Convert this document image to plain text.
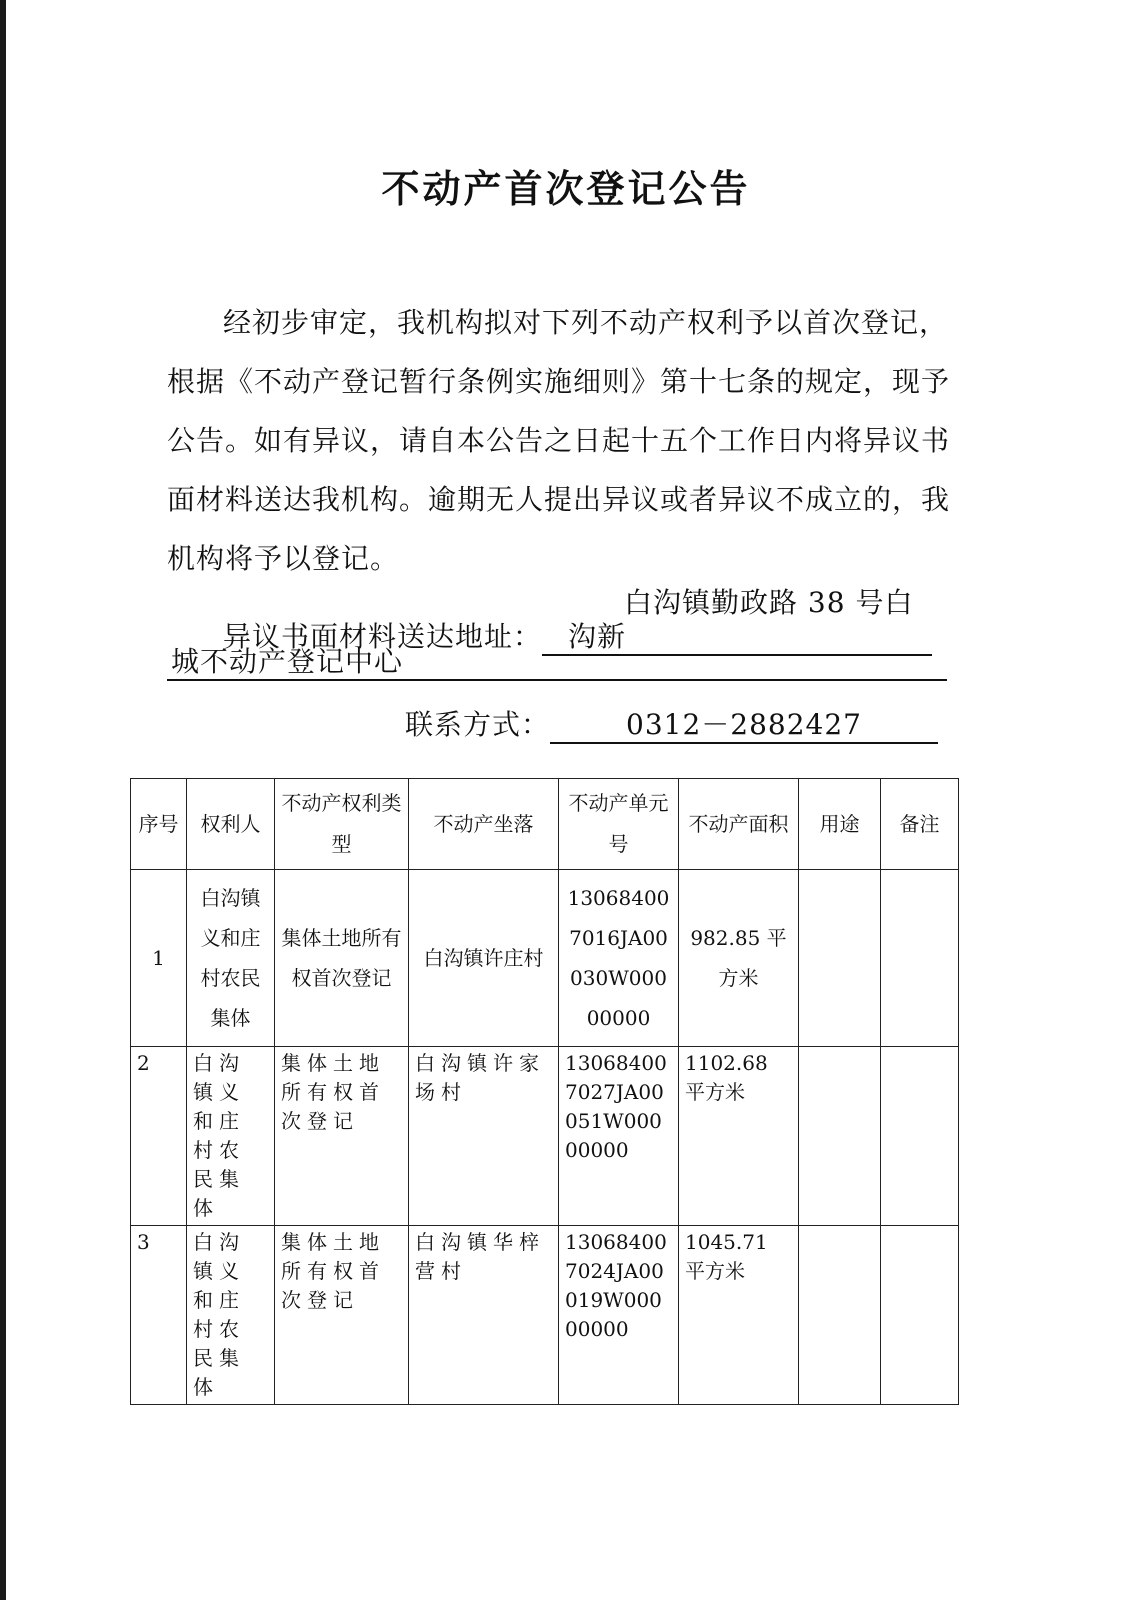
不动产首次登记公告

经初步审定，我机构拟对下列不动产权利予以首次登记，根据《不动产登记暂行条例实施细则》第十七条的规定，现予公告。如有异议，请自本公告之日起十五个工作日内将异议书面材料送达我机构。逾期无人提出异议或者异议不成立的，我机构将予以登记。

异议书面材料送达地址：白沟镇勤政路 38 号白沟新
城不动产登记中心
联系方式：	0312－2882427
序号	权利人	不动产权利类型	不动产坐落	不动产单元号	不动产面积	用途	备注
1	白沟镇义和庄村农民集体	集体土地所有权首次登记	白沟镇许庄村	130684007016JA00030W00000000	982.85 平方米		
2	白沟镇义和庄村农民集体	集体土地所有权首次登记	白沟镇许家场村	130684007027JA00051W00000000	1102.68 平方米		
3	白沟镇义和庄村农民集体	集体土地所有权首次登记	白沟镇华梓营村	130684007024JA00019W00000000	1045.71 平方米		
